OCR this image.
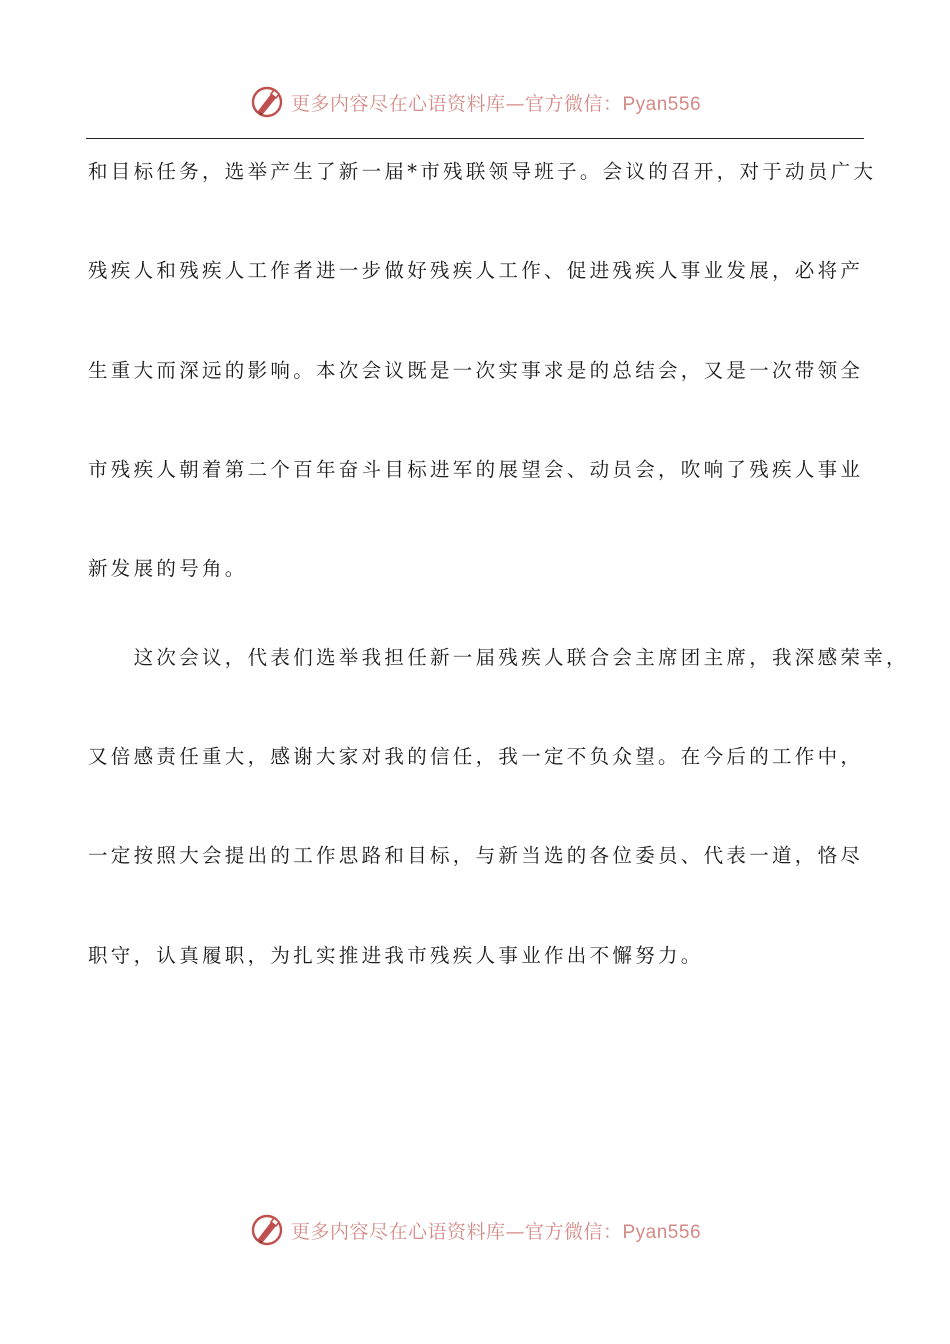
更多内容尽在心语资料库—官方微信：Pyan556
和目标任务，选举产生了新一届*市残联领导班子。会议的召开，对于动员广大
残疾人和残疾人工作者进一步做好残疾人工作、促进残疾人事业发展，必将产
生重大而深远的影响。本次会议既是一次实事求是的总结会，又是一次带领全
市残疾人朝着第二个百年奋斗目标进军的展望会、动员会，吹响了残疾人事业
新发展的号角。
　　这次会议，代表们选举我担任新一届残疾人联合会主席团主席，我深感荣幸，
又倍感责任重大，感谢大家对我的信任，我一定不负众望。在今后的工作中，
一定按照大会提出的工作思路和目标，与新当选的各位委员、代表一道，恪尽
职守，认真履职，为扎实推进我市残疾人事业作出不懈努力。
更多内容尽在心语资料库—官方微信：Pyan556
